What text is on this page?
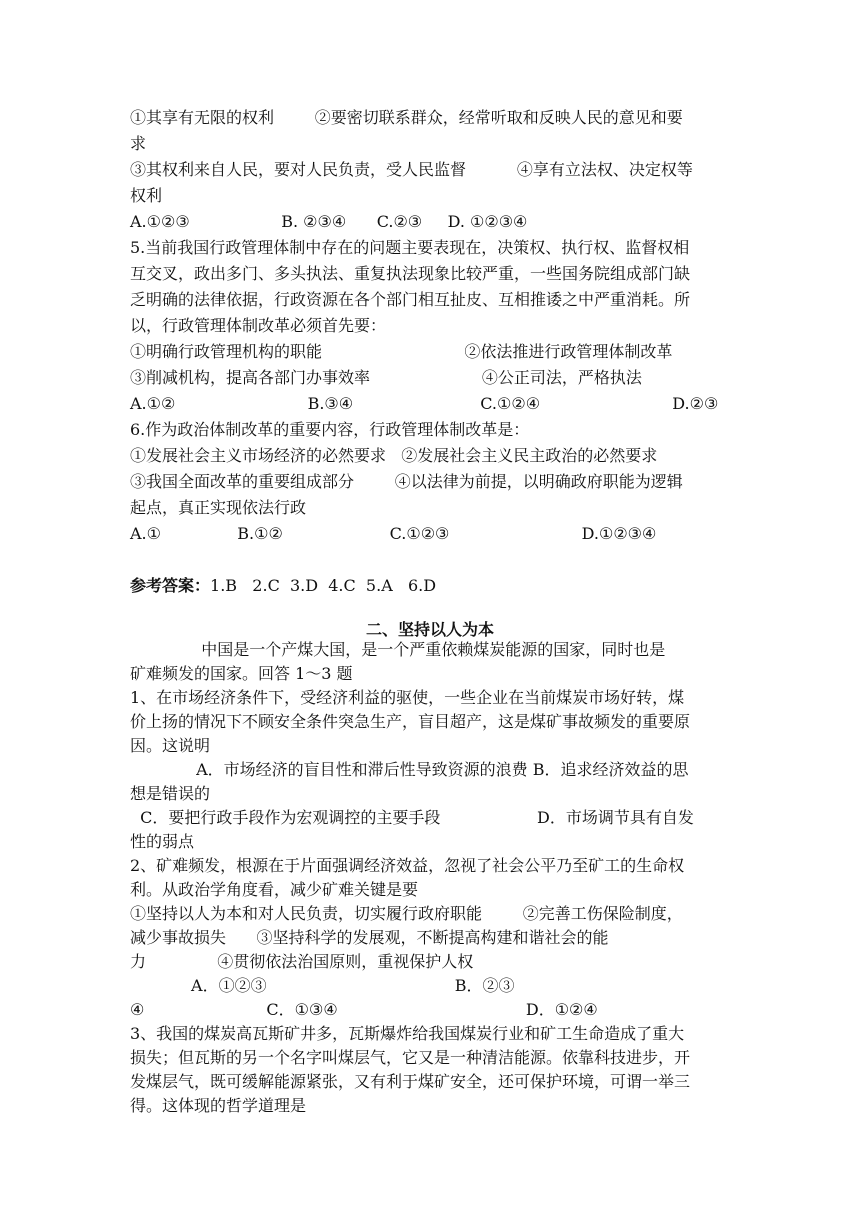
①其享有无限的权利        ②要密切联系群众，经常听取和反映人民的意见和要
求
③其权利来自人民，要对人民负责，受人民监督          ④享有立法权、决定权等
权利
A.①②③                  B. ②③④      C.②③     D. ①②③④
5.当前我国行政管理体制中存在的问题主要表现在，决策权、执行权、监督权相
互交叉，政出多门、多头执法、重复执法现象比较严重，一些国务院组成部门缺
乏明确的法律依据，行政资源在各个部门相互扯皮、互相推诿之中严重消耗。所
以，行政管理体制改革必须首先要：
①明确行政管理机构的职能                            ②依法推进行政管理体制改革
③削减机构，提高各部门办事效率                      ④公正司法，严格执法
A.①②                          B.③④                         C.①②④                          D.②③
6.作为政治体制改革的重要内容，行政管理体制改革是：
①发展社会主义市场经济的必然要求   ②发展社会主义民主政治的必然要求
③我国全面改革的重要组成部分        ④以法律为前提，以明确政府职能为逻辑
起点，真正实现依法行政
A.①               B.①②                     C.①②③                          D.①②③④
参考答案：1.B   2.C  3.D  4.C  5.A   6.D
二、坚持以人为本
中国是一个产煤大国，是一个严重依赖煤炭能源的国家，同时也是
矿难频发的国家。回答 1～3 题
1、在市场经济条件下，受经济利益的驱使，一些企业在当前煤炭市场好转，煤
价上扬的情况下不顾安全条件突急生产，盲目超产，这是煤矿事故频发的重要原
因。这说明
A．市场经济的盲目性和滞后性导致资源的浪费 B．追求经济效益的思
想是错误的
C．要把行政手段作为宏观调控的主要手段                   D．市场调节具有自发
性的弱点
2、矿难频发，根源在于片面强调经济效益，忽视了社会公平乃至矿工的生命权
利。从政治学角度看，减少矿难关键是要
①坚持以人为本和对人民负责，切实履行政府职能        ②完善工伤保险制度，
减少事故损失      ③坚持科学的发展观，不断提高构建和谐社会的能
力              ④贯彻依法治国原则，重视保护人权
A．①②③                                     B．②③
④                        C．①③④                                     D．①②④
3、我国的煤炭高瓦斯矿井多，瓦斯爆炸给我国煤炭行业和矿工生命造成了重大
损失；但瓦斯的另一个名字叫煤层气，它又是一种清洁能源。依靠科技进步，开
发煤层气，既可缓解能源紧张，又有利于煤矿安全，还可保护环境，可谓一举三
得。这体现的哲学道理是
